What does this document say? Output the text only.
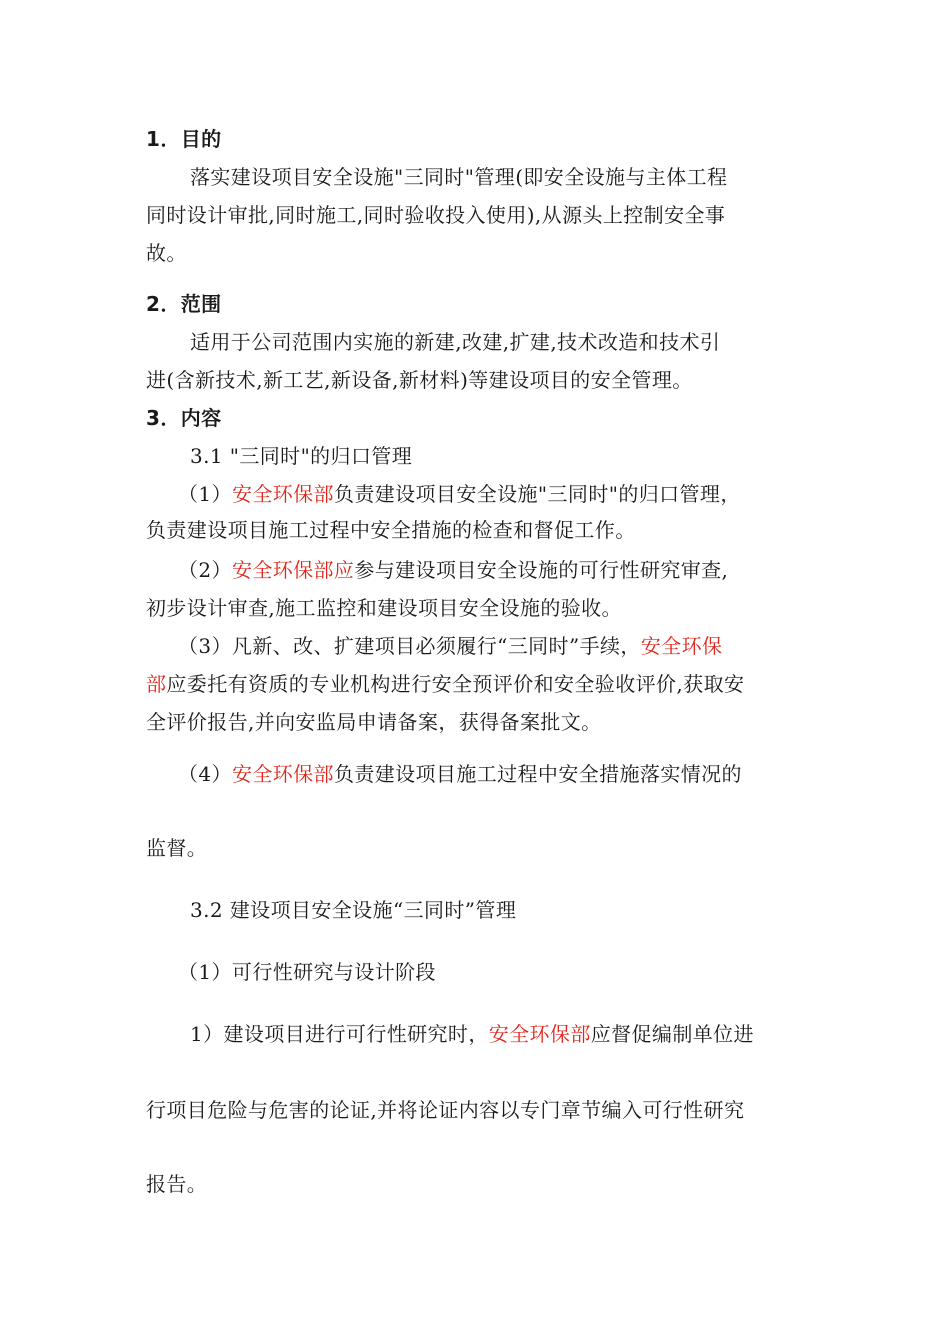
1．目的
落实建设项目安全设施"三同时"管理(即安全设施与主体工程
同时设计审批,同时施工,同时验收投入使用),从源头上控制安全事
故。
2．范围
适用于公司范围内实施的新建,改建,扩建,技术改造和技术引
进(含新技术,新工艺,新设备,新材料)等建设项目的安全管理。
3．内容
3.1 "三同时"的归口管理
（1）安全环保部负责建设项目安全设施"三同时"的归口管理，
负责建设项目施工过程中安全措施的检查和督促工作。
（2）安全环保部应参与建设项目安全设施的可行性研究审查,
初步设计审查,施工监控和建设项目安全设施的验收。
（3）凡新、改、扩建项目必须履行“三同时”手续，安全环保
部应委托有资质的专业机构进行安全预评价和安全验收评价,获取安
全评价报告,并向安监局申请备案，获得备案批文。
（4）安全环保部负责建设项目施工过程中安全措施落实情况的
监督。
3.2 建设项目安全设施“三同时”管理
（1）可行性研究与设计阶段
1）建设项目进行可行性研究时，安全环保部应督促编制单位进
行项目危险与危害的论证,并将论证内容以专门章节编入可行性研究
报告。
